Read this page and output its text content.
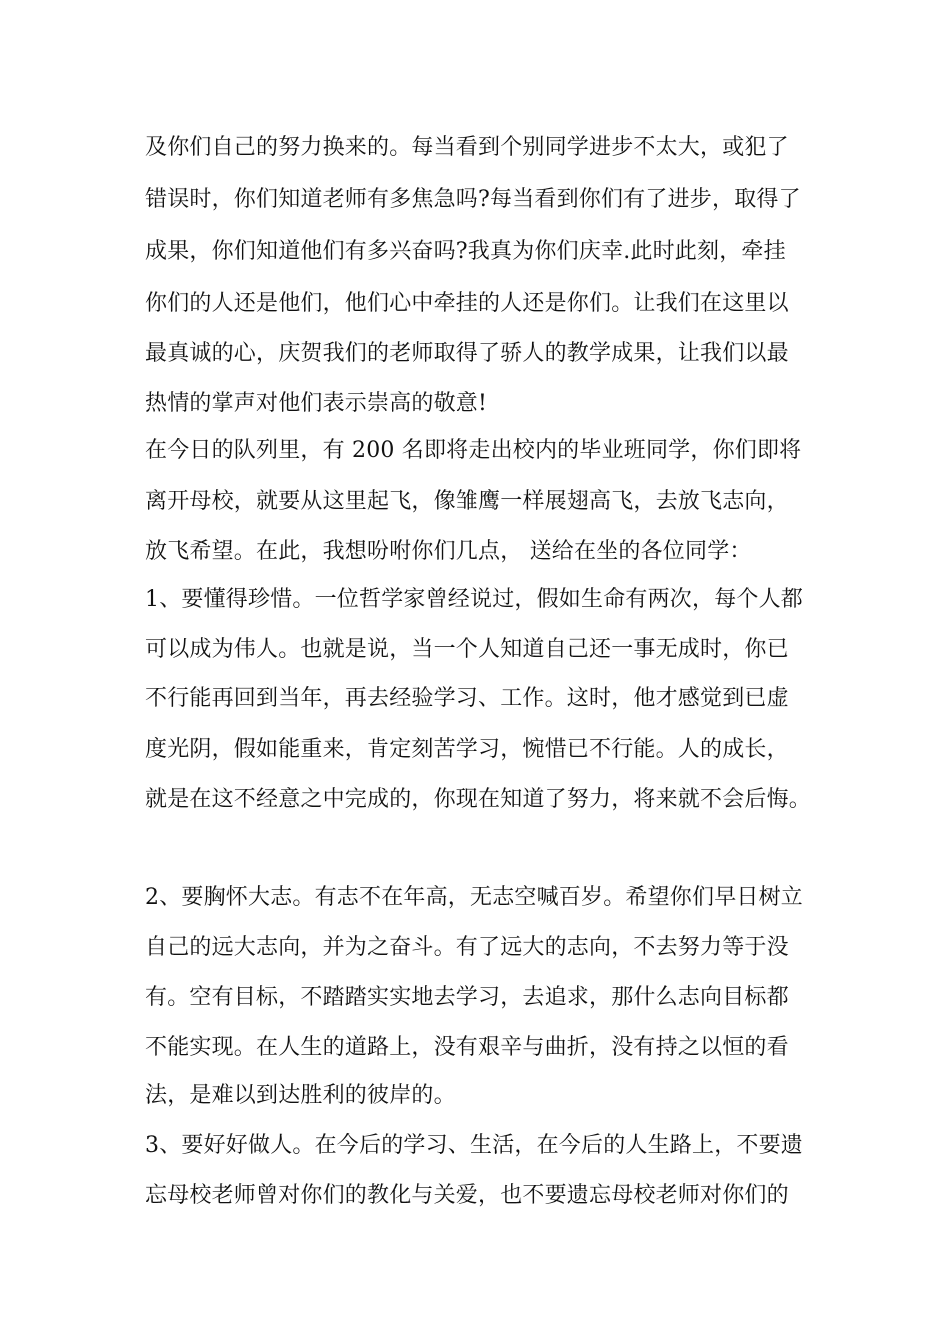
及你们自己的努力换来的。每当看到个别同学进步不太大，或犯了
错误时，你们知道老师有多焦急吗?每当看到你们有了进步，取得了
成果，你们知道他们有多兴奋吗?我真为你们庆幸.此时此刻，牵挂
你们的人还是他们，他们心中牵挂的人还是你们。让我们在这里以
最真诚的心，庆贺我们的老师取得了骄人的教学成果，让我们以最
热情的掌声对他们表示崇高的敬意!
在今日的队列里，有 200 名即将走出校内的毕业班同学，你们即将
离开母校，就要从这里起飞，像雏鹰一样展翅高飞，去放飞志向，
放飞希望。在此，我想吩咐你们几点， 送给在坐的各位同学：
1、要懂得珍惜。一位哲学家曾经说过，假如生命有两次，每个人都
可以成为伟人。也就是说，当一个人知道自己还一事无成时，你已
不行能再回到当年，再去经验学习、工作。这时，他才感觉到已虚
度光阴，假如能重来，肯定刻苦学习，惋惜已不行能。人的成长，
就是在这不经意之中完成的，你现在知道了努力，将来就不会后悔。
2、要胸怀大志。有志不在年高，无志空喊百岁。希望你们早日树立
自己的远大志向，并为之奋斗。有了远大的志向，不去努力等于没
有。空有目标，不踏踏实实地去学习，去追求，那什么志向目标都
不能实现。在人生的道路上，没有艰辛与曲折，没有持之以恒的看
法，是难以到达胜利的彼岸的。
3、要好好做人。在今后的学习、生活，在今后的人生路上，不要遗
忘母校老师曾对你们的教化与关爱，也不要遗忘母校老师对你们的
